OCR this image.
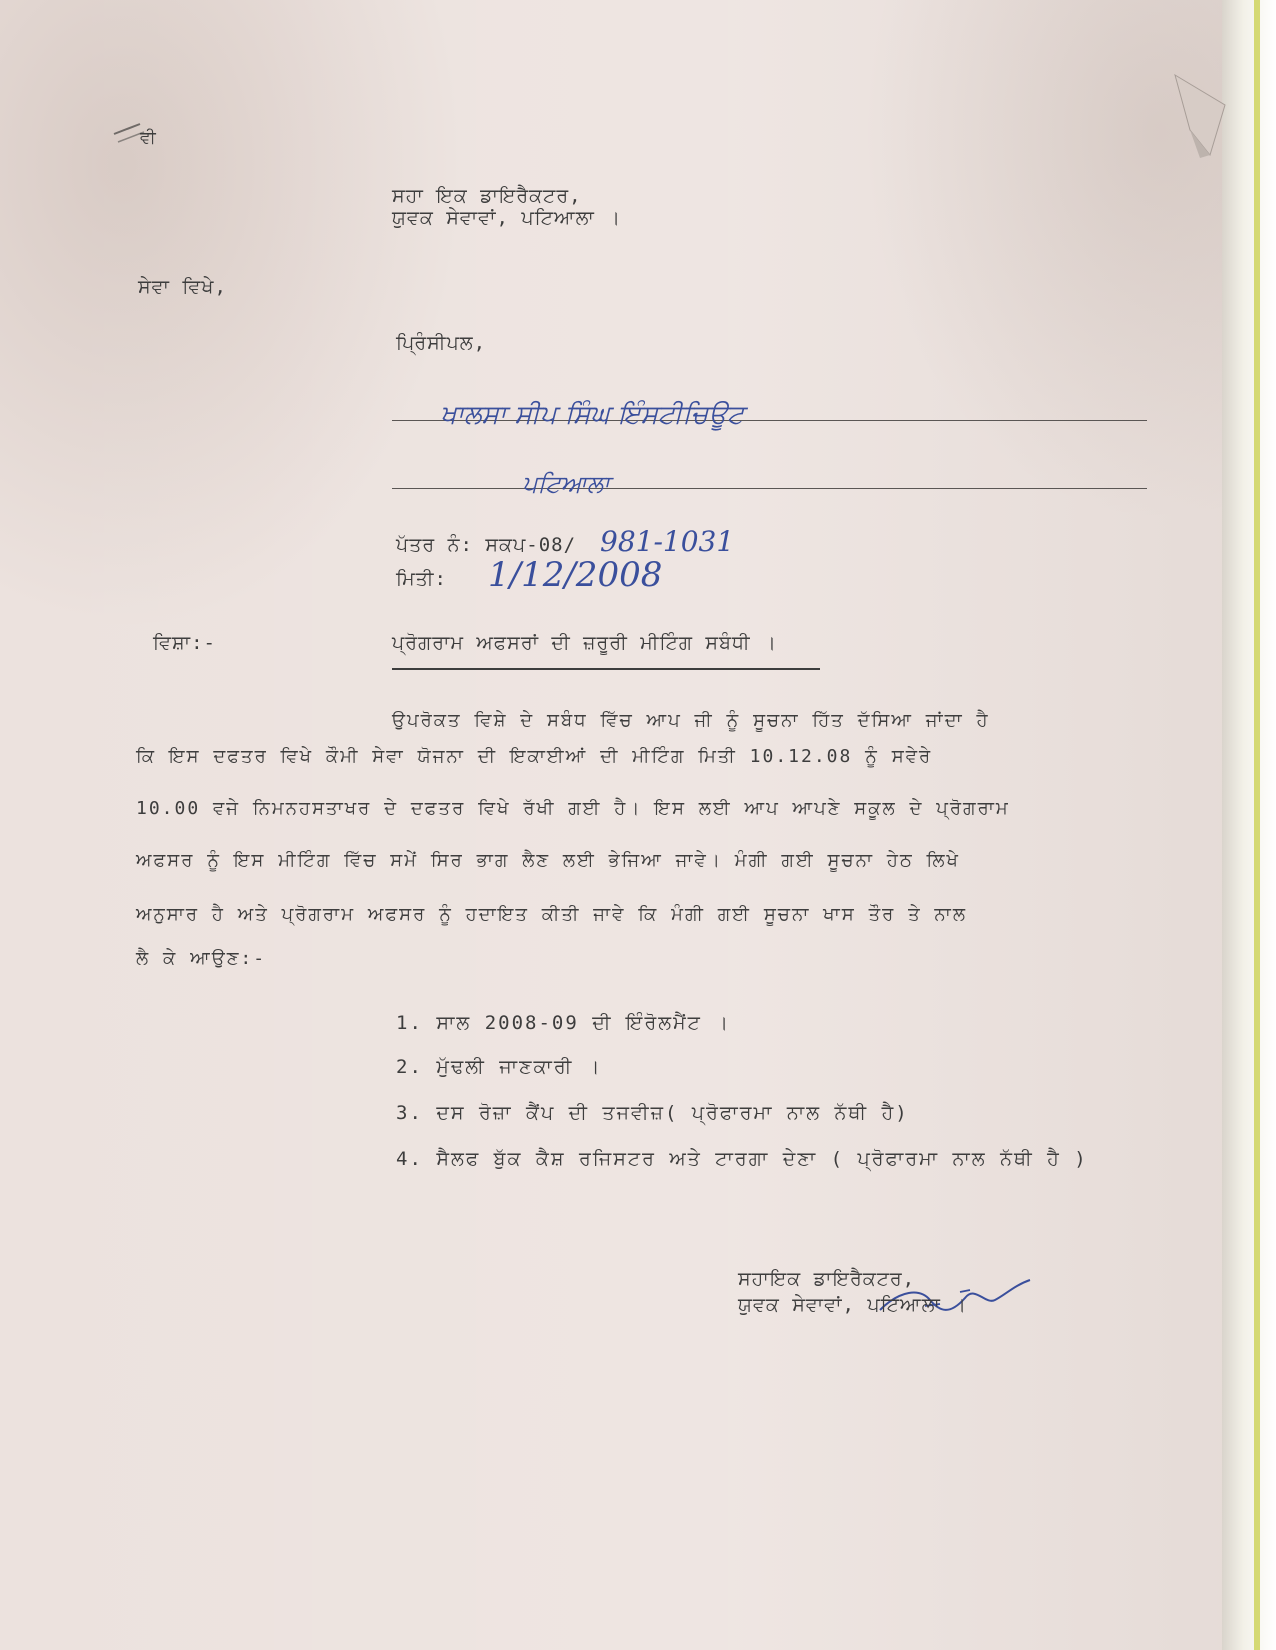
ਵੀ
ਸਹਾ ਇਕ ਡਾਇਰੈਕਟਰ,
ਯੁਵਕ ਸੇਵਾਵਾਂ, ਪਟਿਆਲਾ ।
ਸੇਵਾ ਵਿਖੇ,
ਪ੍ਰਿੰਸੀਪਲ,
ਖਾਲਸਾ ਸੀਪ ਸਿੰਘ ਇੰਸਟੀਚਿਊਟ
ਪਟਿਆਲਾ
ਪੱਤਰ ਨੰ: ਸਕਪ-08/ 981-1031
ਮਿਤੀ: 1/12/2008
ਵਿਸ਼ਾ:-	ਪ੍ਰੋਗਰਾਮ ਅਫਸਰਾਂ ਦੀ ਜ਼ਰੂਰੀ ਮੀਟਿੰਗ ਸਬੰਧੀ ।
ਉਪਰੋਕਤ ਵਿਸ਼ੇ ਦੇ ਸਬੰਧ ਵਿੱਚ ਆਪ ਜੀ ਨੂੰ ਸੂਚਨਾ ਹਿੱਤ ਦੱਸਿਆ ਜਾਂਦਾ ਹੈ
ਕਿ ਇਸ ਦਫਤਰ ਵਿਖੇ ਕੌਮੀ ਸੇਵਾ ਯੋਜਨਾ ਦੀ ਇਕਾਈਆਂ ਦੀ ਮੀਟਿੰਗ ਮਿਤੀ 10.12.08 ਨੂੰ ਸਵੇਰੇ
10.00 ਵਜੇ ਨਿਮਨਹਸਤਾਖਰ ਦੇ ਦਫਤਰ ਵਿਖੇ ਰੱਖੀ ਗਈ ਹੈ। ਇਸ ਲਈ ਆਪ ਆਪਣੇ ਸਕੂਲ ਦੇ ਪ੍ਰੋਗਰਾਮ
ਅਫਸਰ ਨੂੰ ਇਸ ਮੀਟਿੰਗ ਵਿੱਚ ਸਮੇਂ ਸਿਰ ਭਾਗ ਲੈਣ ਲਈ ਭੇਜਿਆ ਜਾਵੇ। ਮੰਗੀ ਗਈ ਸੂਚਨਾ ਹੇਠ ਲਿਖੇ
ਅਨੁਸਾਰ ਹੈ ਅਤੇ ਪ੍ਰੋਗਰਾਮ ਅਫਸਰ ਨੂੰ ਹਦਾਇਤ ਕੀਤੀ ਜਾਵੇ ਕਿ ਮੰਗੀ ਗਈ ਸੂਚਨਾ ਖਾਸ ਤੌਰ ਤੇ ਨਾਲ
ਲੈ ਕੇ ਆਉਣ:-
1. ਸਾਲ 2008-09 ਦੀ ਇੰਰੋਲਮੈਂਟ ।
2. ਮੁੱਢਲੀ ਜਾਣਕਾਰੀ ।
3. ਦਸ ਰੋਜ਼ਾ ਕੈਂਪ ਦੀ ਤਜਵੀਜ਼( ਪ੍ਰੋਫਾਰਮਾ ਨਾਲ ਨੱਥੀ ਹੈ)
4. ਸੈਲਫ ਬੁੱਕ ਕੈਸ਼ ਰਜਿਸਟਰ ਅਤੇ ਟਾਰਗਾ ਦੇਣਾ ( ਪ੍ਰੋਫਾਰਮਾ ਨਾਲ ਨੱਥੀ ਹੈ )
ਸਹਾਇਕ ਡਾਇਰੈਕਟਰ,
ਯੁਵਕ ਸੇਵਾਵਾਂ, ਪਟਿਆਲਾ ।
